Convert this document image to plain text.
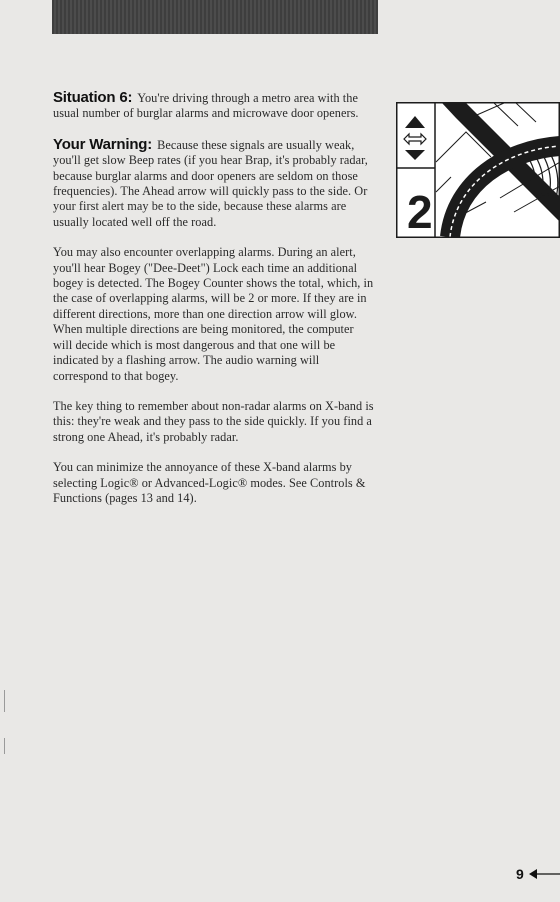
Situation 6: You're driving through a metro area with the usual number of burglar alarms and microwave door openers.

Your Warning: Because these signals are usually weak, you'll get slow Beep rates (if you hear Brap, it's probably radar, because burglar alarms and door openers are seldom on those frequencies). The Ahead arrow will quickly pass to the side. Or your first alert may be to the side, because these alarms are usually located well off the road.

You may also encounter overlapping alarms. During an alert, you'll hear Bogey ("Dee-Deet") Lock each time an additional bogey is detected. The Bogey Counter shows the total, which, in the case of overlapping alarms, will be 2 or more. If they are in different directions, more than one direction arrow will glow. When multiple directions are being monitored, the computer will decide which is most dangerous and that one will be indicated by a flashing arrow. The audio warning will correspond to that bogey.

The key thing to remember about non-radar alarms on X-band is this: they're weak and they pass to the side quickly. If you find a strong one Ahead, it's probably radar.

You can minimize the annoyance of these X-band alarms by selecting Logic® or Advanced-Logic® modes. See Controls & Functions (pages 13 and 14).

2
9
